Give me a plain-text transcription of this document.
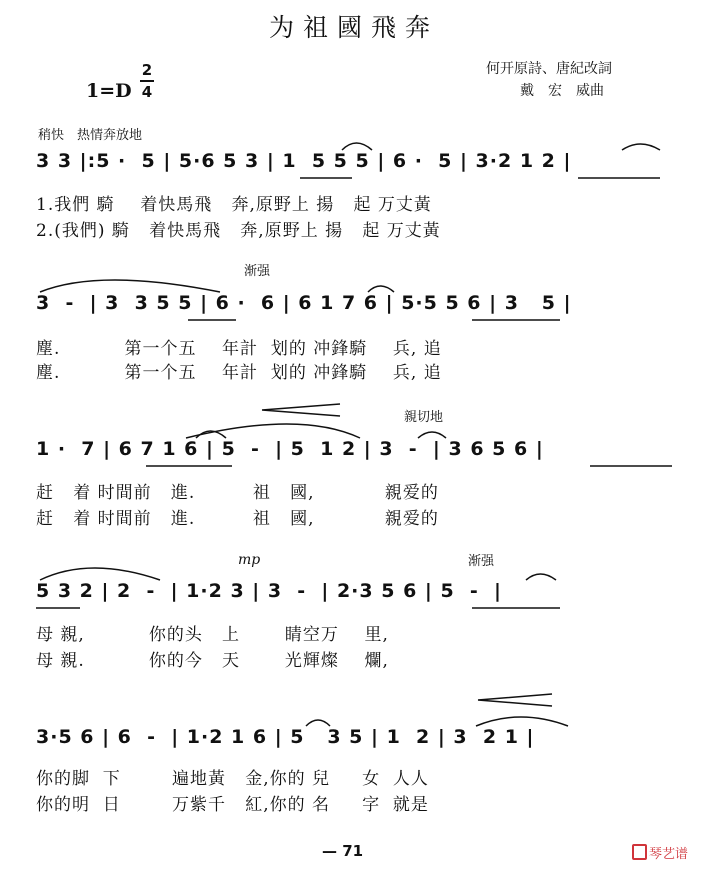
为祖國飛奔
1=D
2
4
何开原詩、唐紀改詞
戴　宏　威曲
稍快　热情奔放地
渐强
親切地
mp	渐强
3 3 |:5 ·  5 | 5·6 5 3 | 1  5 5 5 | 6 ·  5 | 3·2 1 2 |
1.我們 騎    着快馬飛   奔,原野上 揚   起 万丈黃
2.(我們) 騎   着快馬飛   奔,原野上 揚   起 万丈黃
3  -  | 3  3 5 5 | 6 ·  6 | 6 1 7 6 | 5·5 5 6 | 3   5 |
塵.          第一个五    年計  划的 冲鋒騎    兵, 追
塵.          第一个五    年計  划的 冲鋒騎    兵, 追
1 ·  7 | 6 7 1 6 | 5  -  | 5  1 2 | 3  -  | 3 6 5 6 |
赶   着 时間前   進.         祖   國,           親爱的
赶   着 时間前   進.         祖   國,           親爱的
5 3 2 | 2  -  | 1·2 3 | 3  -  | 2·3 5 6 | 5  -  |
母 親,          你的头   上       睛空万    里,
母 親.          你的今   天       光輝燦    爛,
3·5 6 | 6  -  | 1·2 1 6 | 5   3 5 | 1  2 | 3  2 1 |
你的脚  下        遍地黃   金,你的 兒     女  人人
你的明  日        万紫千   紅,你的 名     字  就是
— 71	琴艺谱
